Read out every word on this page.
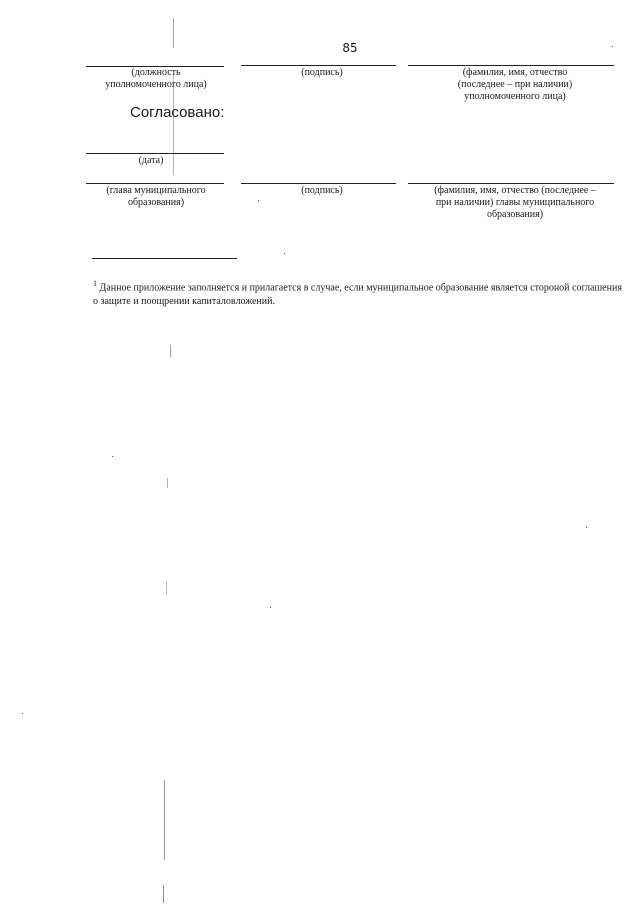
85
(должность уполномоченного лица)
(подпись)	(фамилия, имя, отчество (последнее – при наличии) уполномоченного лица)
Согласовано:
(дата)
(глава муниципального образования)
(подпись)	(фамилия, имя, отчество (последнее – при наличии) главы муниципального образования)
$^1$ Данное приложение заполняется и прилагается в случае, если муниципальное образование является стороной соглашения о защите и поощрении капиталовложений.
